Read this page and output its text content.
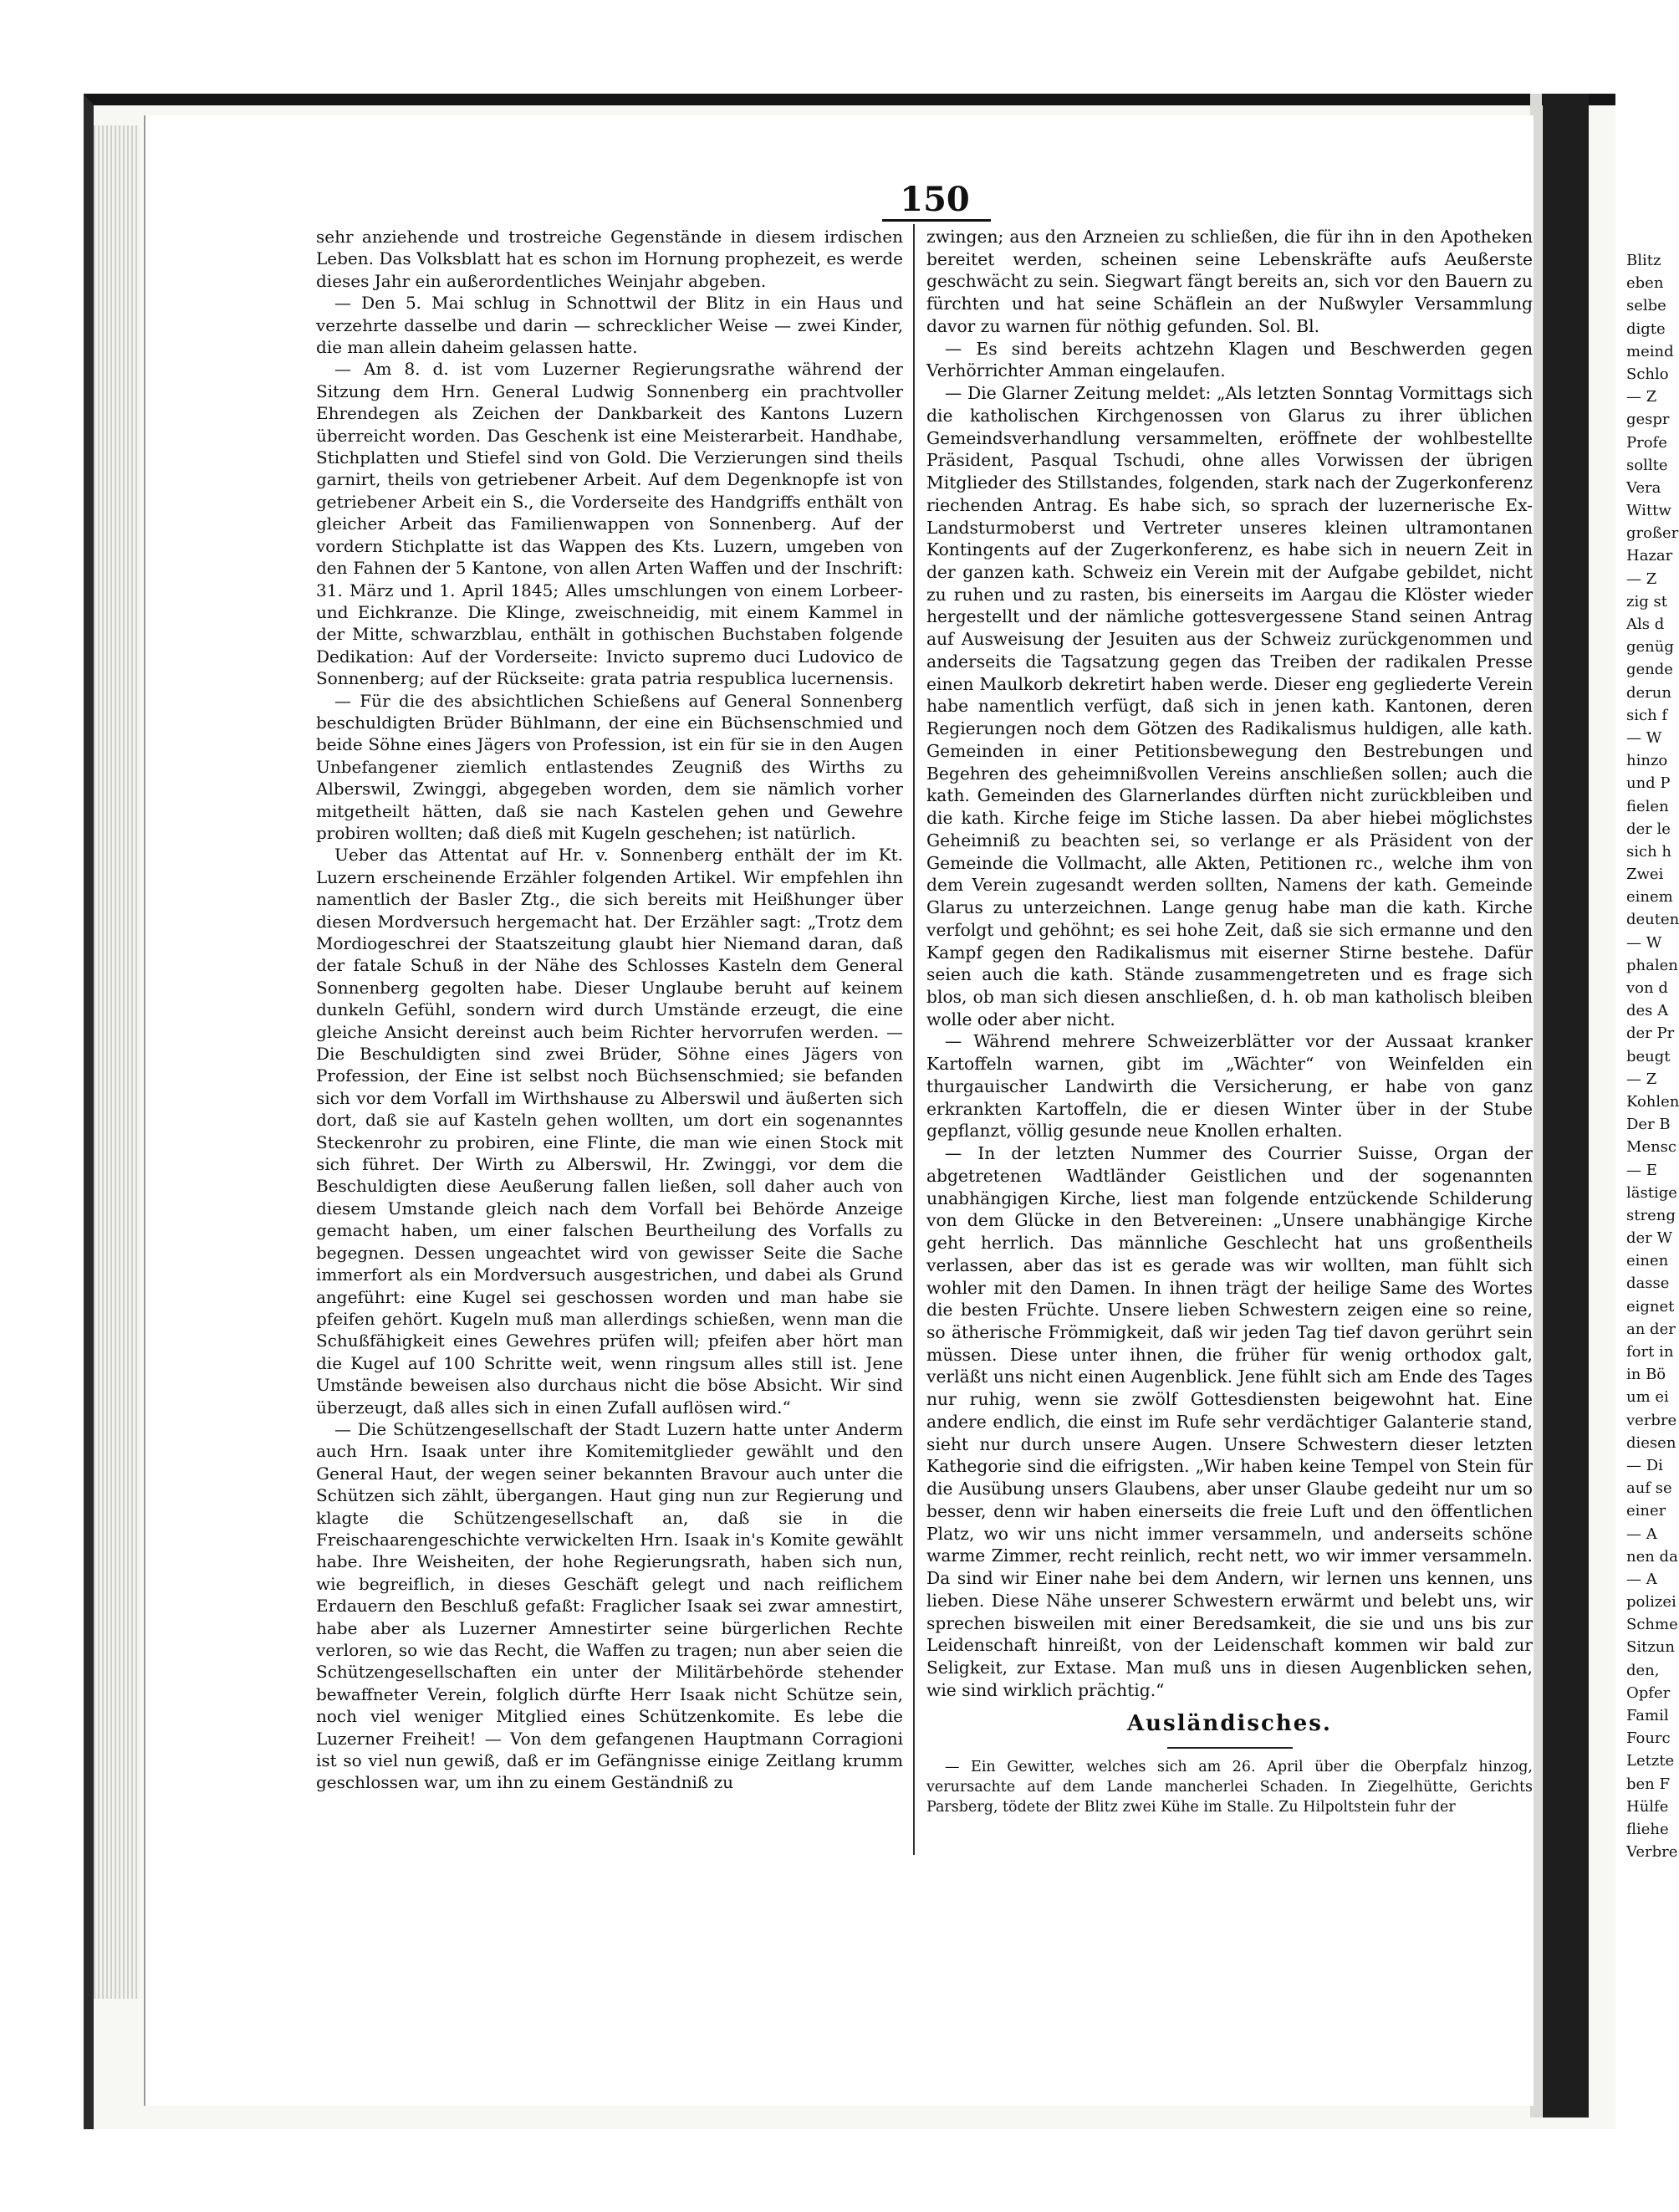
150

sehr anziehende und trostreiche Gegenstände in diesem irdischen Leben. Das Volksblatt hat es schon im Hornung prophezeit, es werde dieses Jahr ein außerordentliches Weinjahr abgeben.

— Den 5. Mai schlug in Schnottwil der Blitz in ein Haus und verzehrte dasselbe und darin — schrecklicher Weise — zwei Kinder, die man allein daheim gelassen hatte.

— Am 8. d. ist vom Luzerner Regierungsrathe während der Sitzung dem Hrn. General Ludwig Sonnenberg ein prachtvoller Ehrendegen als Zeichen der Dankbarkeit des Kantons Luzern überreicht worden. Das Geschenk ist eine Meisterarbeit. Handhabe, Stichplatten und Stiefel sind von Gold. Die Verzierungen sind theils garnirt, theils von getriebener Arbeit. Auf dem Degenknopfe ist von getriebener Arbeit ein S., die Vorderseite des Handgriffs enthält von gleicher Arbeit das Familienwappen von Sonnenberg. Auf der vordern Stichplatte ist das Wappen des Kts. Luzern, umgeben von den Fahnen der 5 Kantone, von allen Arten Waffen und der Inschrift: 31. März und 1. April 1845; Alles umschlungen von einem Lorbeer- und Eichkranze. Die Klinge, zweischneidig, mit einem Kammel in der Mitte, schwarzblau, enthält in gothischen Buchstaben folgende Dedikation: Auf der Vorderseite: Invicto supremo duci Ludovico de Sonnenberg; auf der Rückseite: grata patria respublica lucernensis.

— Für die des absichtlichen Schießens auf General Sonnenberg beschuldigten Brüder Bühlmann, der eine ein Büchsenschmied und beide Söhne eines Jägers von Profession, ist ein für sie in den Augen Unbefangener ziemlich entlastendes Zeugniß des Wirths zu Alberswil, Zwinggi, abgegeben worden, dem sie nämlich vorher mitgetheilt hätten, daß sie nach Kastelen gehen und Gewehre probiren wollten; daß dieß mit Kugeln geschehen; ist natürlich.

Ueber das Attentat auf Hr. v. Sonnenberg enthält der im Kt. Luzern erscheinende Erzähler folgenden Artikel. Wir empfehlen ihn namentlich der Basler Ztg., die sich bereits mit Heißhunger über diesen Mordversuch hergemacht hat. Der Erzähler sagt: „Trotz dem Mordiogeschrei der Staatszeitung glaubt hier Niemand daran, daß der fatale Schuß in der Nähe des Schlosses Kasteln dem General Sonnenberg gegolten habe. Dieser Unglaube beruht auf keinem dunkeln Gefühl, sondern wird durch Umstände erzeugt, die eine gleiche Ansicht dereinst auch beim Richter hervorrufen werden. — Die Beschuldigten sind zwei Brüder, Söhne eines Jägers von Profession, der Eine ist selbst noch Büchsenschmied; sie befanden sich vor dem Vorfall im Wirthshause zu Alberswil und äußerten sich dort, daß sie auf Kasteln gehen wollten, um dort ein sogenanntes Steckenrohr zu probiren, eine Flinte, die man wie einen Stock mit sich führet. Der Wirth zu Alberswil, Hr. Zwinggi, vor dem die Beschuldigten diese Aeußerung fallen ließen, soll daher auch von diesem Umstande gleich nach dem Vorfall bei Behörde Anzeige gemacht haben, um einer falschen Beurtheilung des Vorfalls zu begegnen. Dessen ungeachtet wird von gewisser Seite die Sache immerfort als ein Mordversuch ausgestrichen, und dabei als Grund angeführt: eine Kugel sei geschossen worden und man habe sie pfeifen gehört. Kugeln muß man allerdings schießen, wenn man die Schußfähigkeit eines Gewehres prüfen will; pfeifen aber hört man die Kugel auf 100 Schritte weit, wenn ringsum alles still ist. Jene Umstände beweisen also durchaus nicht die böse Absicht. Wir sind überzeugt, daß alles sich in einen Zufall auflösen wird.“

— Die Schützengesellschaft der Stadt Luzern hatte unter Anderm auch Hrn. Isaak unter ihre Komitemitglieder gewählt und den General Haut, der wegen seiner bekannten Bravour auch unter die Schützen sich zählt, übergangen. Haut ging nun zur Regierung und klagte die Schützengesellschaft an, daß sie in die Freischaarengeschichte verwickelten Hrn. Isaak in's Komite gewählt habe. Ihre Weisheiten, der hohe Regierungsrath, haben sich nun, wie begreiflich, in dieses Geschäft gelegt und nach reiflichem Erdauern den Beschluß gefaßt: Fraglicher Isaak sei zwar amnestirt, habe aber als Luzerner Amnestirter seine bürgerlichen Rechte verloren, so wie das Recht, die Waffen zu tragen; nun aber seien die Schützengesellschaften ein unter der Militärbehörde stehender bewaffneter Verein, folglich dürfte Herr Isaak nicht Schütze sein, noch viel weniger Mitglied eines Schützenkomite. Es lebe die Luzerner Freiheit! — Von dem gefangenen Hauptmann Corragioni ist so viel nun gewiß, daß er im Gefängnisse einige Zeitlang krumm geschlossen war, um ihn zu einem Geständniß zu

zwingen; aus den Arzneien zu schließen, die für ihn in den Apotheken bereitet werden, scheinen seine Lebenskräfte aufs Aeußerste geschwächt zu sein. Siegwart fängt bereits an, sich vor den Bauern zu fürchten und hat seine Schäflein an der Nußwyler Versammlung davor zu warnen für nöthig gefunden. Sol. Bl.

— Es sind bereits achtzehn Klagen und Beschwerden gegen Verhörrichter Amman eingelaufen.

— Die Glarner Zeitung meldet: „Als letzten Sonntag Vormittags sich die katholischen Kirchgenossen von Glarus zu ihrer üblichen Gemeindsverhandlung versammelten, eröffnete der wohlbestellte Präsident, Pasqual Tschudi, ohne alles Vorwissen der übrigen Mitglieder des Stillstandes, folgenden, stark nach der Zugerkonferenz riechenden Antrag. Es habe sich, so sprach der luzernerische Ex-Landsturmoberst und Vertreter unseres kleinen ultramontanen Kontingents auf der Zugerkonferenz, es habe sich in neuern Zeit in der ganzen kath. Schweiz ein Verein mit der Aufgabe gebildet, nicht zu ruhen und zu rasten, bis einerseits im Aargau die Klöster wieder hergestellt und der nämliche gottesvergessene Stand seinen Antrag auf Ausweisung der Jesuiten aus der Schweiz zurückgenommen und anderseits die Tagsatzung gegen das Treiben der radikalen Presse einen Maulkorb dekretirt haben werde. Dieser eng gegliederte Verein habe namentlich verfügt, daß sich in jenen kath. Kantonen, deren Regierungen noch dem Götzen des Radikalismus huldigen, alle kath. Gemeinden in einer Petitionsbewegung den Bestrebungen und Begehren des geheimnißvollen Vereins anschließen sollen; auch die kath. Gemeinden des Glarnerlandes dürften nicht zurückbleiben und die kath. Kirche feige im Stiche lassen. Da aber hiebei möglichstes Geheimniß zu beachten sei, so verlange er als Präsident von der Gemeinde die Vollmacht, alle Akten, Petitionen rc., welche ihm von dem Verein zugesandt werden sollten, Namens der kath. Gemeinde Glarus zu unterzeichnen. Lange genug habe man die kath. Kirche verfolgt und gehöhnt; es sei hohe Zeit, daß sie sich ermanne und den Kampf gegen den Radikalismus mit eiserner Stirne bestehe. Dafür seien auch die kath. Stände zusammengetreten und es frage sich blos, ob man sich diesen anschließen, d. h. ob man katholisch bleiben wolle oder aber nicht.

— Während mehrere Schweizerblätter vor der Aussaat kranker Kartoffeln warnen, gibt im „Wächter“ von Weinfelden ein thurgauischer Landwirth die Versicherung, er habe von ganz erkrankten Kartoffeln, die er diesen Winter über in der Stube gepflanzt, völlig gesunde neue Knollen erhalten.

— In der letzten Nummer des Courrier Suisse, Organ der abgetretenen Wadtländer Geistlichen und der sogenannten unabhängigen Kirche, liest man folgende entzückende Schilderung von dem Glücke in den Betvereinen: „Unsere unabhängige Kirche geht herrlich. Das männliche Geschlecht hat uns großentheils verlassen, aber das ist es gerade was wir wollten, man fühlt sich wohler mit den Damen. In ihnen trägt der heilige Same des Wortes die besten Früchte. Unsere lieben Schwestern zeigen eine so reine, so ätherische Frömmigkeit, daß wir jeden Tag tief davon gerührt sein müssen. Diese unter ihnen, die früher für wenig orthodox galt, verläßt uns nicht einen Augenblick. Jene fühlt sich am Ende des Tages nur ruhig, wenn sie zwölf Gottesdiensten beigewohnt hat. Eine andere endlich, die einst im Rufe sehr verdächtiger Galanterie stand, sieht nur durch unsere Augen. Unsere Schwestern dieser letzten Kathegorie sind die eifrigsten. „Wir haben keine Tempel von Stein für die Ausübung unsers Glaubens, aber unser Glaube gedeiht nur um so besser, denn wir haben einerseits die freie Luft und den öffentlichen Platz, wo wir uns nicht immer versammeln, und anderseits schöne warme Zimmer, recht reinlich, recht nett, wo wir immer versammeln. Da sind wir Einer nahe bei dem Andern, wir lernen uns kennen, uns lieben. Diese Nähe unserer Schwestern erwärmt und belebt uns, wir sprechen bisweilen mit einer Beredsamkeit, die sie und uns bis zur Leidenschaft hinreißt, von der Leidenschaft kommen wir bald zur Seligkeit, zur Extase. Man muß uns in diesen Augenblicken sehen, wie sind wirklich prächtig.“

Ausländisches.

— Ein Gewitter, welches sich am 26. April über die Oberpfalz hinzog, verursachte auf dem Lande mancherlei Schaden. In Ziegelhütte, Gerichts Parsberg, tödete der Blitz zwei Kühe im Stalle. Zu Hilpoltstein fuhr der

Blitz
eben
selbe
digte
meind
Schlo
— Z
gespr
Profe
sollte
Vera
Wittw
großer
Hazar
— Z
zig st
Als d
genüg
gende
derun
sich f
— W
hinzo
und P
fielen
der le
sich h
Zwei
einem
deuten
— W
phalen
von d
des A
der Pr
beugt
— Z
Kohlen
Der B
Mensc
— E
lästige
streng
der W
einen
dasse
eignet
an der
fort in
in Bö
um ei
verbre
diesen
— Di
auf se
einer
— A
nen da
— A
polizei
Schme
Sitzun
den,
Opfer
Famil
Fourc
Letzte
ben F
Hülfe
fliehe
Verbre
